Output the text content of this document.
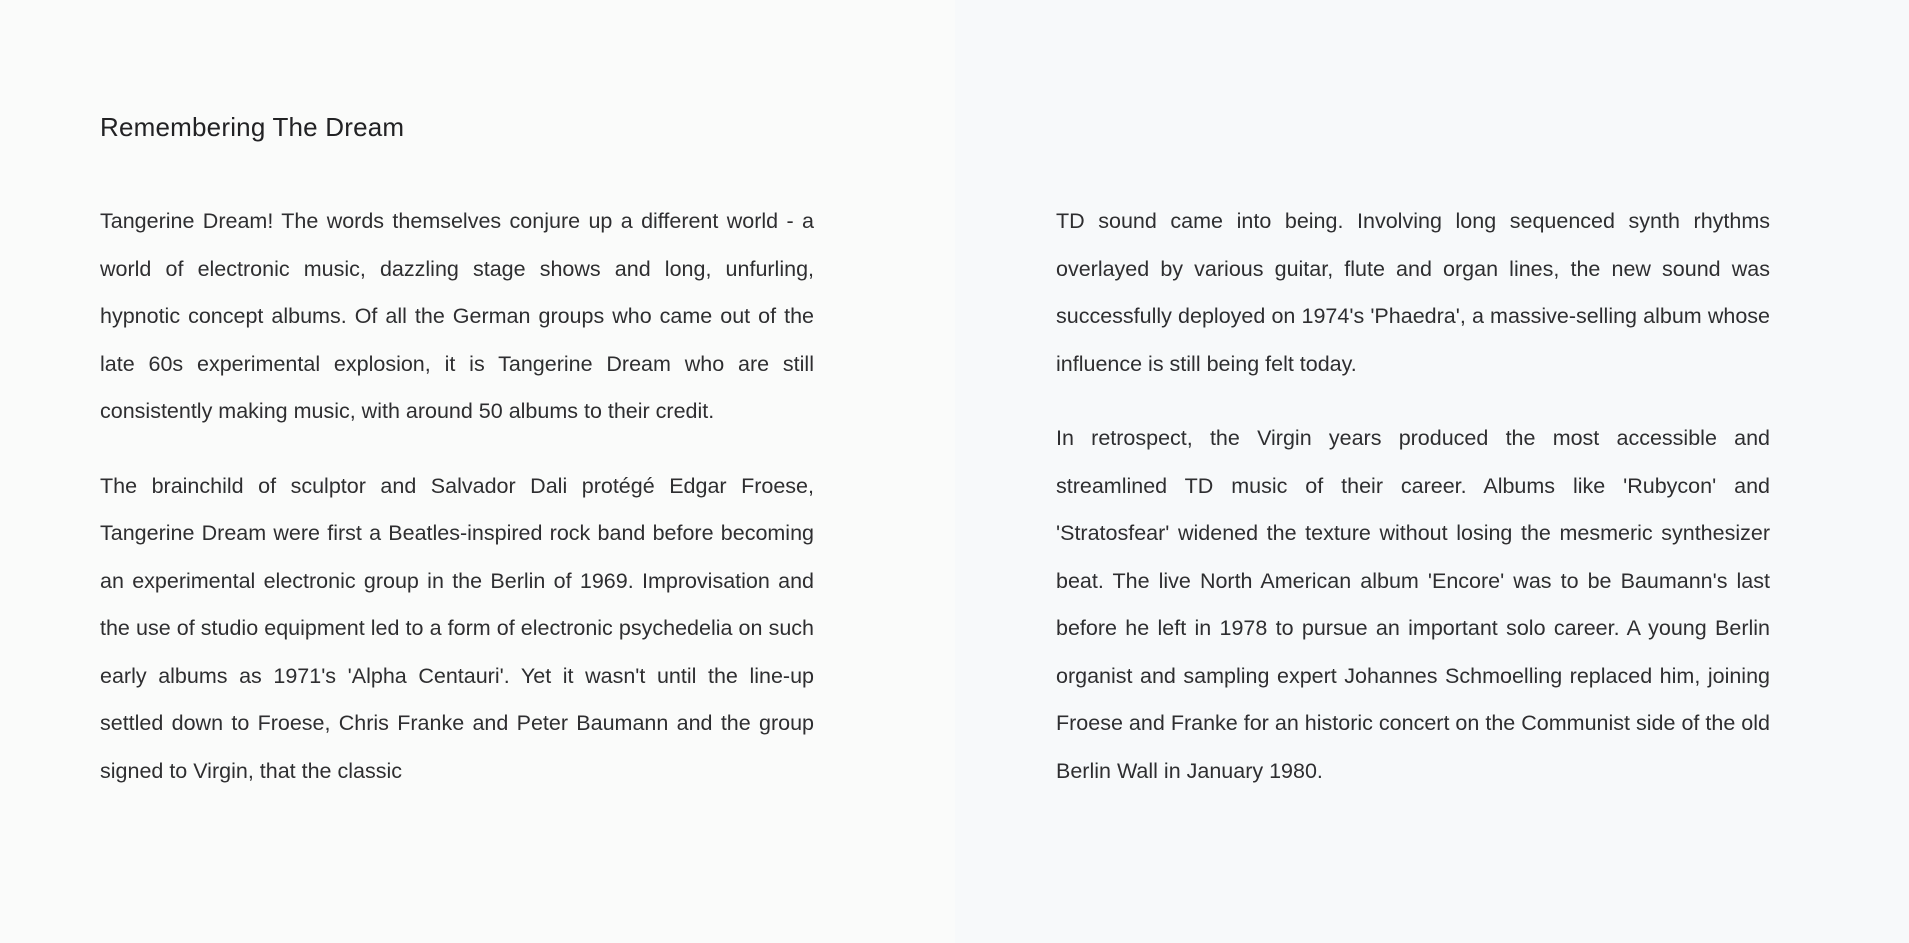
Remembering The Dream

Tangerine Dream! The words themselves conjure up a different world - a world of electronic music, dazzling stage shows and long, unfurling, hypnotic concept albums. Of all the German groups who came out of the late 60s experimental explosion, it is Tangerine Dream who are still consistently making music, with around 50 albums to their credit.

The brainchild of sculptor and Salvador Dali protégé Edgar Froese, Tangerine Dream were first a Beatles-inspired rock band before becoming an experimental electronic group in the Berlin of 1969. Improvisation and the use of studio equipment led to a form of electronic psychedelia on such early albums as 1971's 'Alpha Centauri'. Yet it wasn't until the line-up settled down to Froese, Chris Franke and Peter Baumann and the group signed to Virgin, that the classic

TD sound came into being. Involving long sequenced synth rhythms overlayed by various guitar, flute and organ lines, the new sound was successfully deployed on 1974's 'Phaedra', a massive-selling album whose influence is still being felt today.

In retrospect, the Virgin years produced the most accessible and streamlined TD music of their career. Albums like 'Rubycon' and 'Stratosfear' widened the texture without losing the mesmeric synthesizer beat. The live North American album 'Encore' was to be Baumann's last before he left in 1978 to pursue an important solo career. A young Berlin organist and sampling expert Johannes Schmoelling replaced him, joining Froese and Franke for an historic concert on the Communist side of the old Berlin Wall in January 1980.
